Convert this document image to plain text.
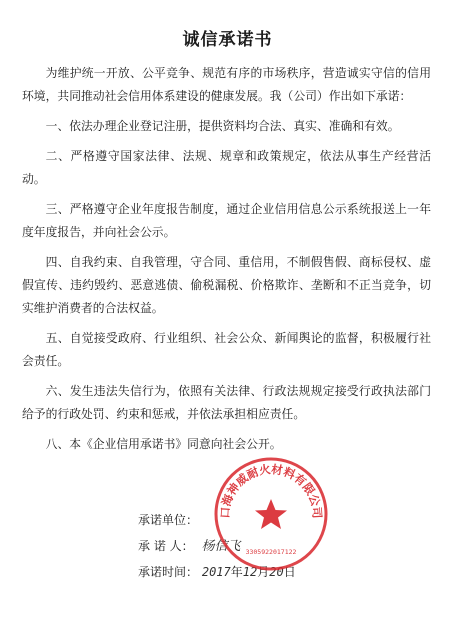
诚信承诺书

为维护统一开放、公平竞争、规范有序的市场秩序，营造诚实守信的信用环境，共同推动社会信用体系建设的健康发展。我（公司）作出如下承诺：

一、依法办理企业登记注册，提供资料均合法、真实、准确和有效。

二、严格遵守国家法律、法规、规章和政策规定，依法从事生产经营活动。

三、严格遵守企业年度报告制度，通过企业信用信息公示系统报送上一年度年度报告，并向社会公示。

四、自我约束、自我管理，守合同、重信用，不制假售假、商标侵权、虚假宣传、违约毁约、恶意逃债、偷税漏税、价格欺诈、垄断和不正当竞争，切实维护消费者的合法权益。

五、自觉接受政府、行业组织、社会公众、新闻舆论的监督，积极履行社会责任。

六、发生违法失信行为，依照有关法律、行政法规规定接受行政执法部门给予的行政处罚、约束和惩戒，并依法承担相应责任。

八、本《企业信用承诺书》同意向社会公开。

承诺单位：
承 诺 人： 杨信飞
承诺时间： 2017年12月20日
口海神威耐火材料有限公司
3305922017122
